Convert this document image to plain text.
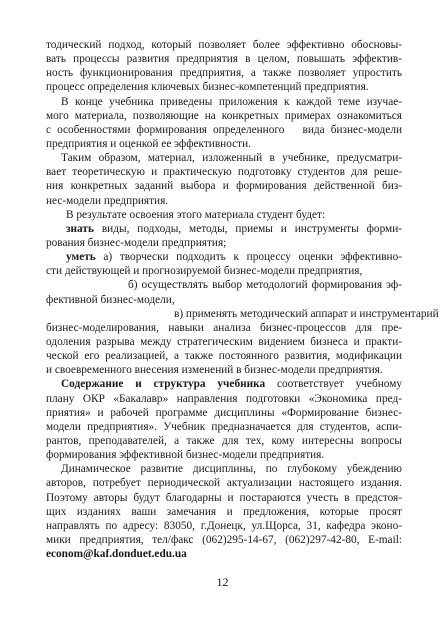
тодический подход, который позволяет более эффективно обосновы-
вать процессы развития предприятия в целом, повышать эффектив-
ность функционирования предприятия, а также позволяет упростить
процесс определения ключевых бизнес-компетенций предприятия.
В конце учебника приведены приложения к каждой теме изучае-
мого материала, позволяющие на конкретных примерах ознакомиться
с особенностями формирования определенного   вида бизнес-модели
предприятия и оценкой ее эффективности.
Таким образом, материал, изложенный в учебнике, предусматри-
вает теоретическую и практическую подготовку студентов для реше-
ния конкретных заданий выбора и формирования действенной биз-
нес-модели предприятия.
В результате освоения этого материала студент будет:
знать виды, подходы, методы, приемы и инструменты форми-
рования бизнес-модели предприятия;
уметь а) творчески подходить к процессу оценки эффективно-
сти действующей и прогнозируемой бизнес-модели предприятия,
б) осуществлять выбор методологий формирования эф-
фективной бизнес-модели,
в) применять методический аппарат и инструментарий
бизнес-моделирования, навыки анализа бизнес-процессов для пре-
одоления разрыва между стратегическим видением бизнеса и практи-
ческой его реализацией, а также постоянного развития, модификации
и своевременного внесения изменений в бизнес-модели предприятия.
Содержание и структура учебника соответствует учебному
плану ОКР «Бакалавр» направления подготовки «Экономика пред-
приятия» и рабочей программе дисциплины «Формирование бизнес-
модели предприятия». Учебник предназначается для студентов, аспи-
рантов, преподавателей, а также для тех, кому интересны вопросы
формирования эффективной бизнес-модели предприятия.
Динамическое развитие дисциплины, по глубокому убеждению
авторов, потребует периодической актуализации настоящего издания.
Поэтому авторы будут благодарны и постараются учесть в предстоя-
щих изданиях ваши замечания и предложения, которые просят
направлять по адресу: 83050, г.Донецк, ул.Щорса, 31, кафедра эконо-
мики предприятия, тел/факс (062)295-14-67, (062)297-42-80, E-mail:
econom@kaf.donduet.edu.ua
12
